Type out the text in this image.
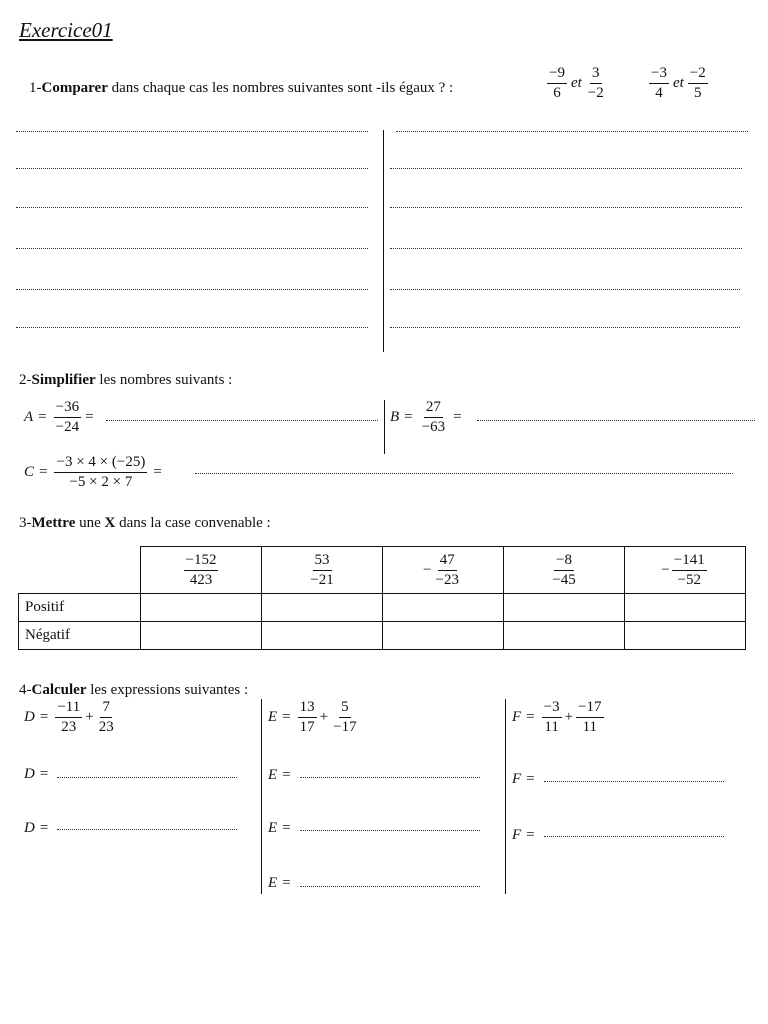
Exercice01
1-Comparer dans chaque cas les nombres suivantes sont -ils égaux ? :	$\frac{-9}{6}$ et $\frac{3}{-2}$	$\frac{-3}{4}$ et $\frac{-2}{5}$
2-Simplifier les nombres suivants :
$A = \frac{-36}{-24}$ =	$B = \frac{27}{-63}$ =
$C = \frac{-3 \times 4 \times (-25)}{-5 \times 2 \times 7}$ =
3-Mettre une X dans la case convenable :

	$\frac{-152}{423}$	$\frac{53}{-21}$	− $\frac{47}{-23}$	$\frac{-8}{-45}$	− $\frac{-141}{-52}$

Positif					
Négatif					
4-Calculer les expressions suivantes :
$D = \frac{-11}{23} + \frac{7}{23}$
D =
D =
$E = \frac{13}{17} + \frac{5}{-17}$
E =
E =
E =
$F = \frac{-3}{11} + \frac{-17}{11}$
F =
F =
